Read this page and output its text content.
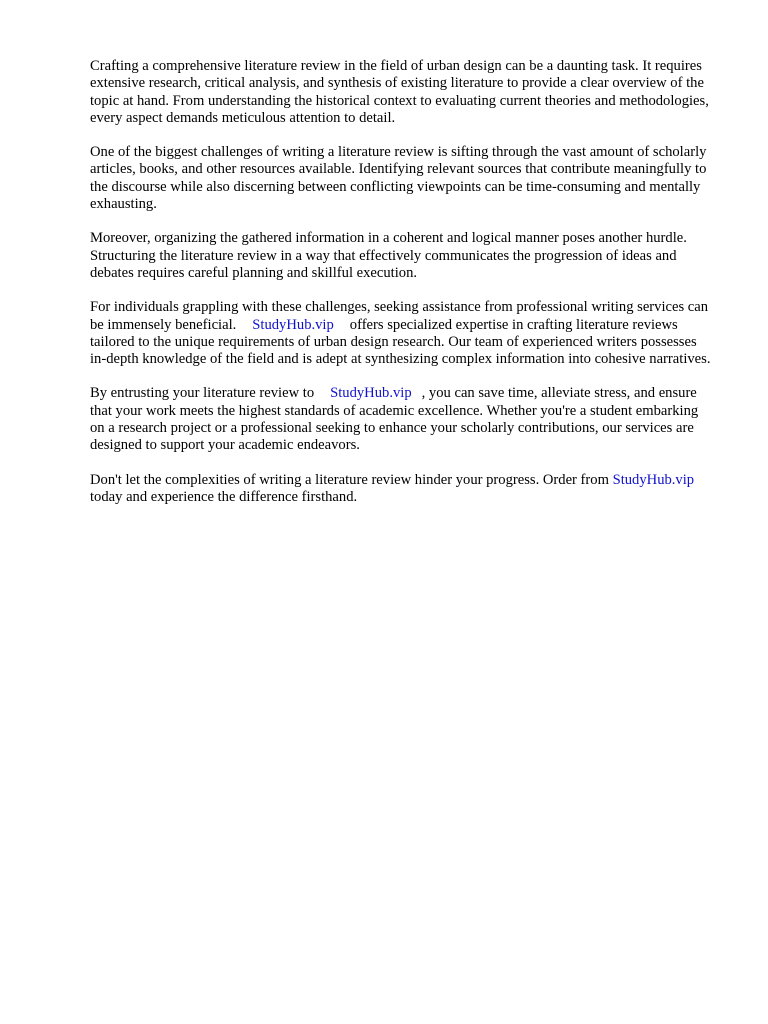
Crafting a comprehensive literature review in the field of urban design can be a daunting task. It requires extensive research, critical analysis, and synthesis of existing literature to provide a clear overview of the topic at hand. From understanding the historical context to evaluating current theories and methodologies, every aspect demands meticulous attention to detail.

One of the biggest challenges of writing a literature review is sifting through the vast amount of scholarly articles, books, and other resources available. Identifying relevant sources that contribute meaningfully to the discourse while also discerning between conflicting viewpoints can be time-consuming and mentally exhausting.

Moreover, organizing the gathered information in a coherent and logical manner poses another hurdle. Structuring the literature review in a way that effectively communicates the progression of ideas and debates requires careful planning and skillful execution.

For individuals grappling with these challenges, seeking assistance from professional writing services can be immensely beneficial. StudyHub.vip offers specialized expertise in crafting literature reviews tailored to the unique requirements of urban design research. Our team of experienced writers possesses in-depth knowledge of the field and is adept at synthesizing complex information into cohesive narratives.

By entrusting your literature review to StudyHub.vip , you can save time, alleviate stress, and ensure that your work meets the highest standards of academic excellence. Whether you're a student embarking on a research project or a professional seeking to enhance your scholarly contributions, our services are designed to support your academic endeavors.

Don't let the complexities of writing a literature review hinder your progress. Order from StudyHub.viptoday and experience the difference firsthand.
